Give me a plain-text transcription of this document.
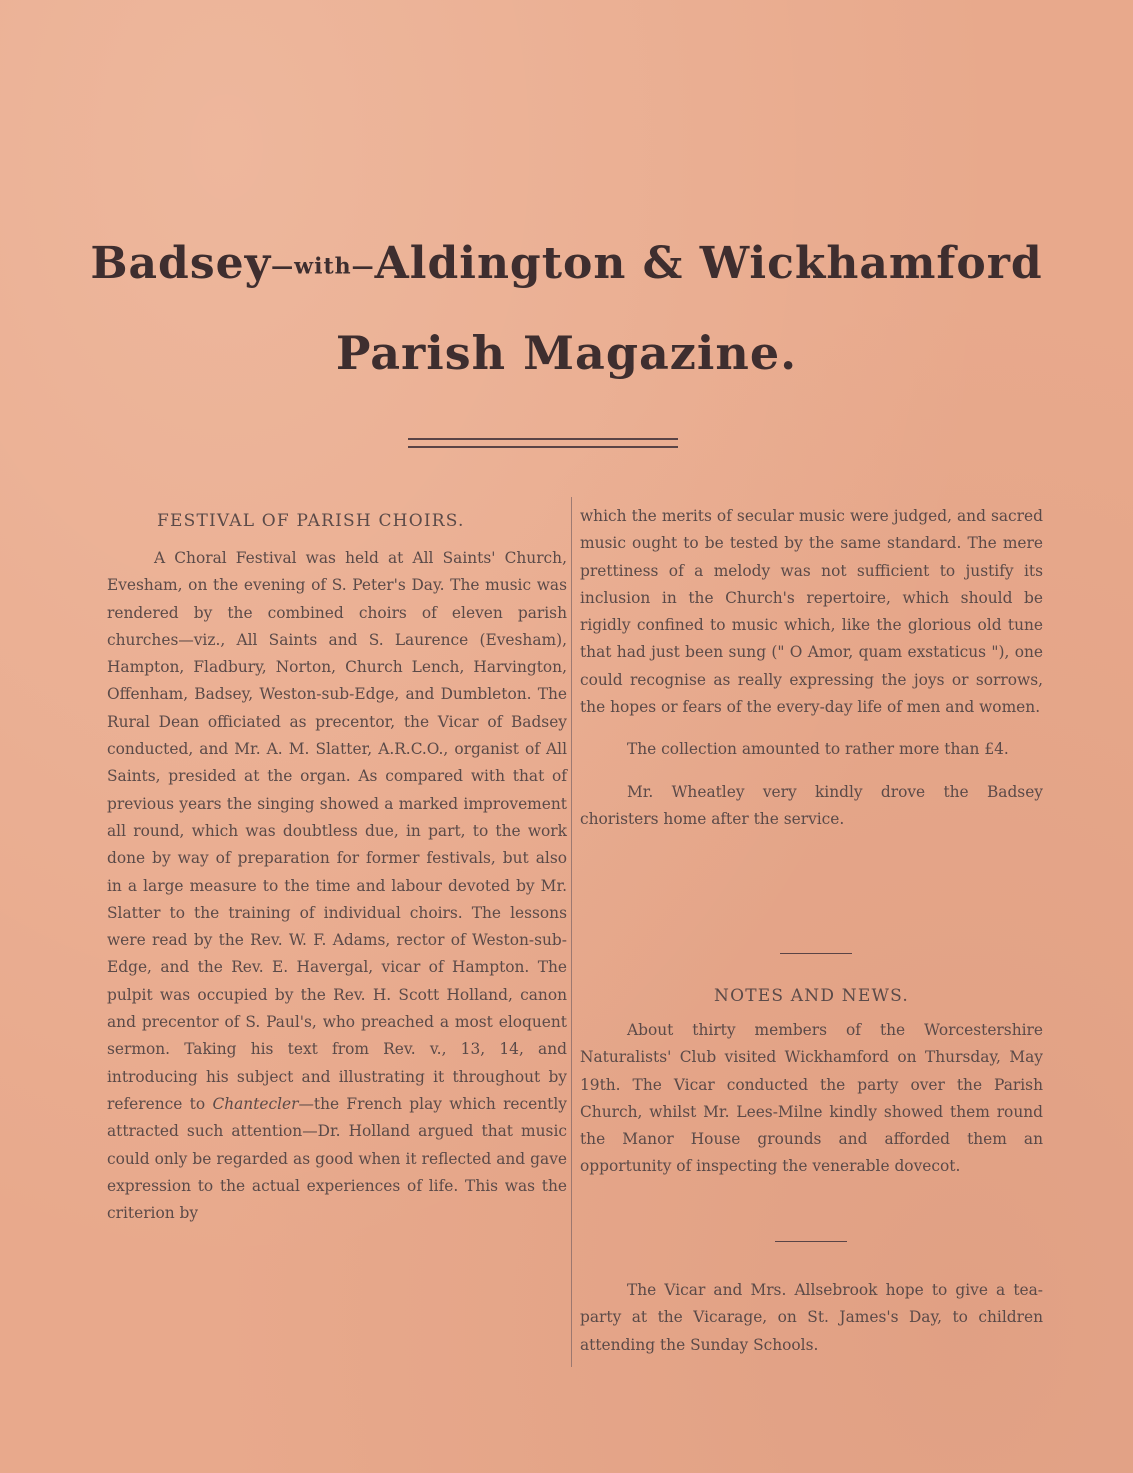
Badsey—with—Aldington & Wickhamford
Parish Magazine.
FESTIVAL OF PARISH CHOIRS.

A Choral Festival was held at All Saints' Church, Evesham, on the evening of S. Peter's Day. The music was rendered by the combined choirs of eleven parish churches—viz., All Saints and S. Laurence (Evesham), Hampton, Fladbury, Norton, Church Lench, Harvington, Offenham, Badsey, Weston-sub-Edge, and Dumbleton. The Rural Dean officiated as precentor, the Vicar of Badsey conducted, and Mr. A. M. Slatter, A.R.C.O., organist of All Saints, presided at the organ. As compared with that of previous years the singing showed a marked improvement all round, which was doubtless due, in part, to the work done by way of preparation for former festivals, but also in a large measure to the time and labour devoted by Mr. Slatter to the training of individual choirs. The lessons were read by the Rev. W. F. Adams, rector of Weston-sub-Edge, and the Rev. E. Havergal, vicar of Hampton. The pulpit was occupied by the Rev. H. Scott Holland, canon and precentor of S. Paul's, who preached a most eloquent sermon. Taking his text from Rev. v., 13, 14, and introducing his subject and illustrating it throughout by reference to Chantecler—the French play which recently attracted such attention—Dr. Holland argued that music could only be regarded as good when it reflected and gave expression to the actual experiences of life. This was the criterion by

which the merits of secular music were judged, and sacred music ought to be tested by the same standard. The mere prettiness of a melody was not sufficient to justify its inclusion in the Church's repertoire, which should be rigidly confined to music which, like the glorious old tune that had just been sung (" O Amor, quam exstaticus "), one could recognise as really expressing the joys or sorrows, the hopes or fears of the every-day life of men and women.

The collection amounted to rather more than £4.

Mr. Wheatley very kindly drove the Badsey choristers home after the service.

NOTES AND NEWS.

About thirty members of the Worcestershire Naturalists' Club visited Wickhamford on Thursday, May 19th. The Vicar conducted the party over the Parish Church, whilst Mr. Lees-Milne kindly showed them round the Manor House grounds and afforded them an opportunity of inspecting the venerable dovecot.

The Vicar and Mrs. Allsebrook hope to give a tea-party at the Vicarage, on St. James's Day, to children attending the Sunday Schools.
